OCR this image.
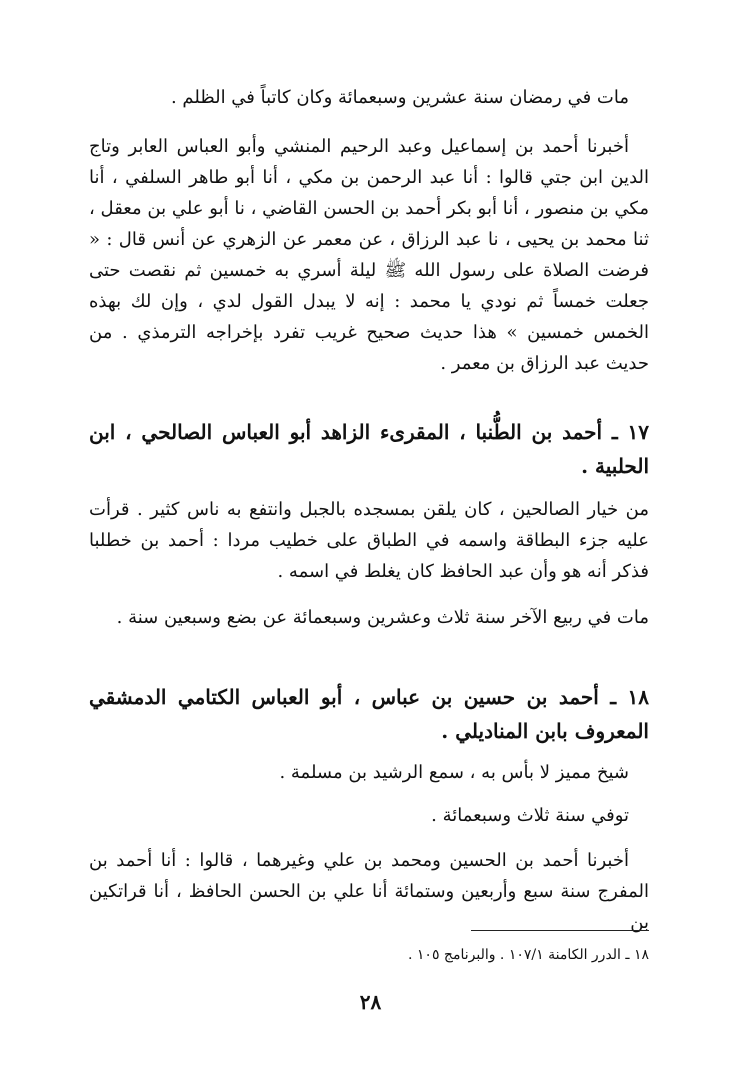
مات في رمضان سنة عشرين وسبعمائة وكان كاتباً في الظلم .

أخبرنا أحمد بن إسماعيل وعبد الرحيم المنشي وأبو العباس العابر وتاج الدين ابن جتي قالوا : أنا عبد الرحمن بن مكي ، أنا أبو طاهر السلفي ، أنا مكي بن منصور ، أنا أبو بكر أحمد بن الحسن القاضي ، نا أبو علي بن معقل ، ثنا محمد بن يحيى ، نا عبد الرزاق ، عن معمر عن الزهري عن أنس قال : « فرضت الصلاة على رسول الله ﷺ ليلة أسري به خمسين ثم نقصت حتى جعلت خمساً ثم نودي يا محمد : إنه لا يبدل القول لدي ، وإن لك بهذه الخمس خمسين » هذا حديث صحيح غريب تفرد بإخراجه الترمذي . من حديث عبد الرزاق بن معمر .

١٧ ـ أحمد بن الطُّنبا ، المقرىء الزاهد أبو العباس الصالحي ، ابن الحلبية .

من خيار الصالحين ، كان يلقن بمسجده بالجبل وانتفع به ناس كثير . قرأت عليه جزء البطاقة واسمه في الطباق على خطيب مردا : أحمد بن خطلبا فذكر أنه هو وأن عبد الحافظ كان يغلط في اسمه .

مات في ربيع الآخر سنة ثلاث وعشرين وسبعمائة عن بضع وسبعين سنة .

١٨ ـ أحمد بن حسين بن عباس ، أبو العباس الكتامي الدمشقي المعروف بابن المناديلي .

شيخ مميز لا بأس به ، سمع الرشيد بن مسلمة .

توفي سنة ثلاث وسبعمائة .

أخبرنا أحمد بن الحسين ومحمد بن علي وغيرهما ، قالوا : أنا أحمد بن المفرج سنة سبع وأربعين وستمائة أنا علي بن الحسن الحافظ ، أنا قراتكين بن

١٨ ـ الدرر الكامنة ١٠٧/١ . والبرنامج ١٠٥ .

٢٨
